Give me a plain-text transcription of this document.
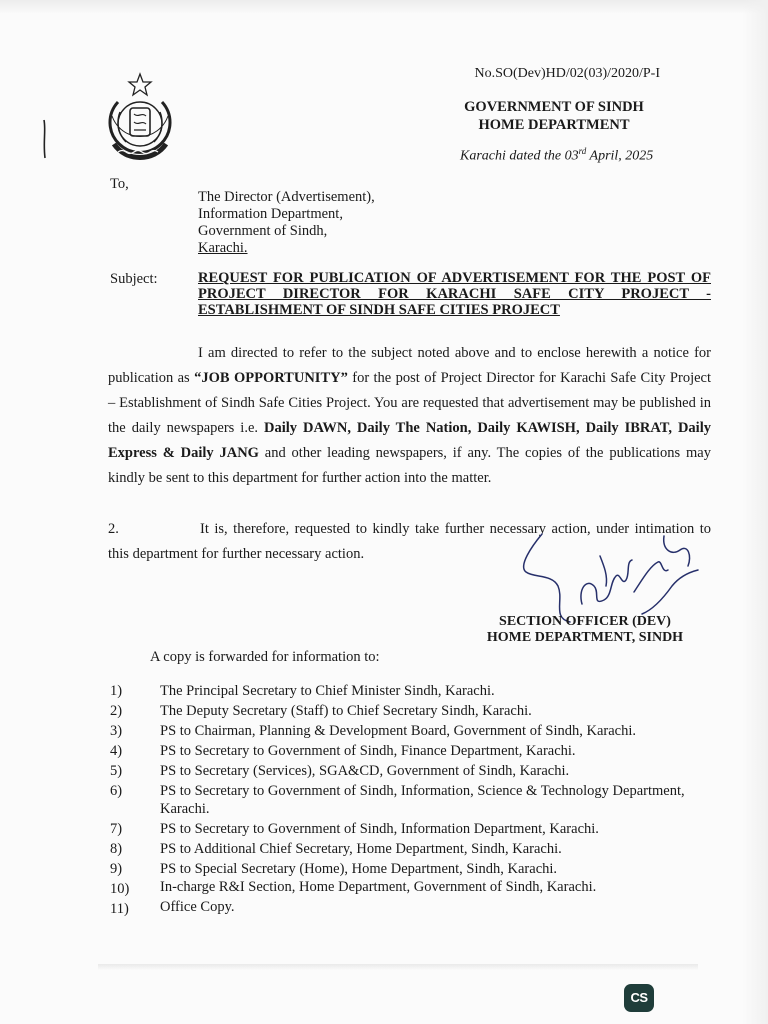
No.SO(Dev)HD/02(03)/2020/P-I
GOVERNMENT OF SINDH
HOME DEPARTMENT
Karachi dated the 03rd April, 2025
To,
The Director (Advertisement),
Information Department,
Government of Sindh,
Karachi.
Subject:	REQUEST FOR PUBLICATION OF ADVERTISEMENT FOR THE POST OF PROJECT DIRECTOR FOR KARACHI SAFE CITY PROJECT - ESTABLISHMENT OF SINDH SAFE CITIES PROJECT
I am directed to refer to the subject noted above and to enclose herewith a notice for publication as “JOB OPPORTUNITY” for the post of Project Director for Karachi Safe City Project – Establishment of Sindh Safe Cities Project. You are requested that advertisement may be published in the daily newspapers i.e. Daily DAWN, Daily The Nation, Daily KAWISH, Daily IBRAT, Daily Express & Daily JANG and other leading newspapers, if any. The copies of the publications may kindly be sent to this department for further action into the matter.
2.	It is, therefore, requested to kindly take further necessary action, under intimation to this department for further necessary action.
SECTION OFFICER (DEV)
HOME DEPARTMENT, SINDH
A copy is forwarded for information to:
1)	The Principal Secretary to Chief Minister Sindh, Karachi.
2)	The Deputy Secretary (Staff) to Chief Secretary Sindh, Karachi.
3)	PS to Chairman, Planning & Development Board, Government of Sindh, Karachi.
4)	PS to Secretary to Government of Sindh, Finance Department, Karachi.
5)	PS to Secretary (Services), SGA&CD, Government of Sindh, Karachi.
6)	PS to Secretary to Government of Sindh, Information, Science & Technology Department, Karachi.
7)	PS to Secretary to Government of Sindh, Information Department, Karachi.
8)	PS to Additional Chief Secretary, Home Department, Sindh, Karachi.
9)	PS to Special Secretary (Home), Home Department, Sindh, Karachi.
10)	In-charge R&I Section, Home Department, Government of Sindh, Karachi.
11)	Office Copy.
CS
